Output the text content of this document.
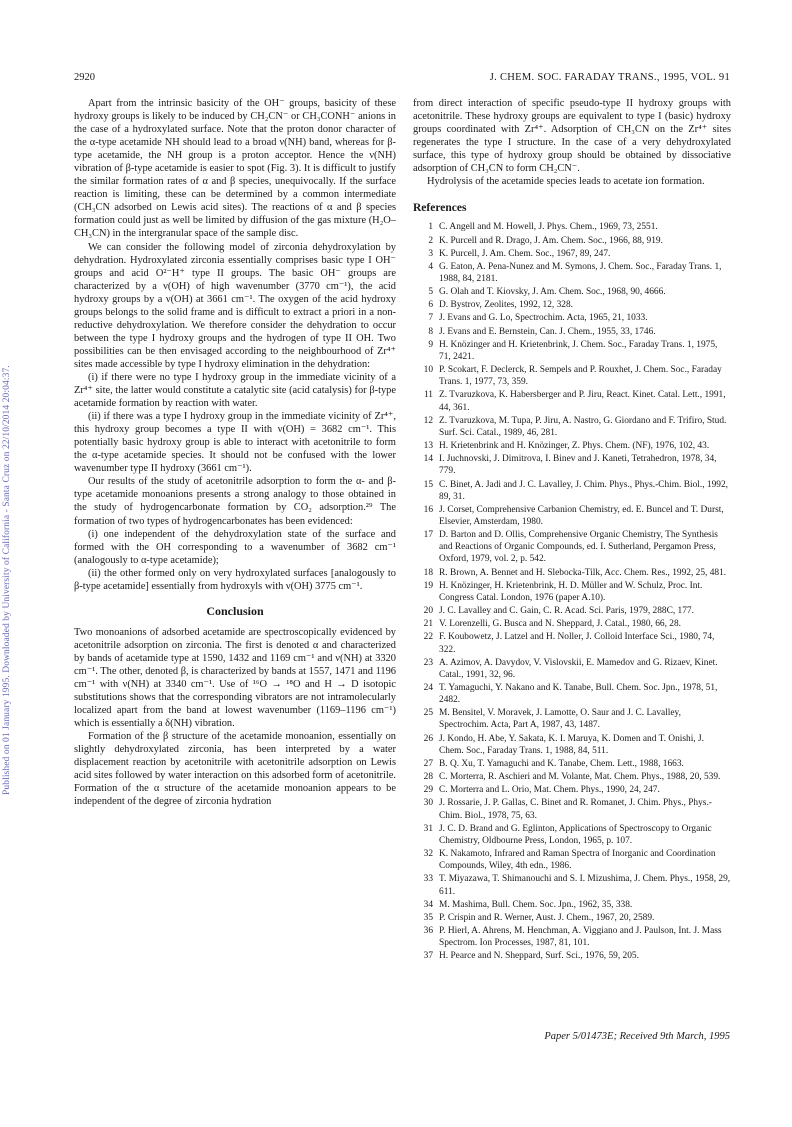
Published on 01 January 1995. Downloaded by University of California - Santa Cruz on 22/10/2014 20:04:37.
2920	J. CHEM. SOC. FARADAY TRANS., 1995, VOL. 91

Apart from the intrinsic basicity of the OH⁻ groups, basicity of these hydroxy groups is likely to be induced by CH₂CN⁻ or CH₃CONH⁻ anions in the case of a hydroxylated surface. Note that the proton donor character of the α-type acetamide NH should lead to a broad ν(NH) band, whereas for β-type acetamide, the NH group is a proton acceptor. Hence the ν(NH) vibration of β-type acetamide is easier to spot (Fig. 3). It is difficult to justify the similar formation rates of α and β species, unequivocally. If the surface reaction is limiting, these can be determined by a common intermediate (CH₃CN adsorbed on Lewis acid sites). The reactions of α and β species formation could just as well be limited by diffusion of the gas mixture (H₂O–CH₃CN) in the intergranular space of the sample disc.

We can consider the following model of zirconia dehydroxylation by dehydration. Hydroxylated zirconia essentially comprises basic type I OH⁻ groups and acid O²⁻H⁺ type II groups. The basic OH⁻ groups are characterized by a ν(OH) of high wavenumber (3770 cm⁻¹), the acid hydroxy groups by a ν(OH) at 3661 cm⁻¹. The oxygen of the acid hydroxy groups belongs to the solid frame and is difficult to extract a priori in a non-reductive dehydroxylation. We therefore consider the dehydration to occur between the type I hydroxy groups and the hydrogen of type II OH. Two possibilities can be then envisaged according to the neighbourhood of Zr⁴⁺ sites made accessible by type I hydroxy elimination in the dehydration:

(i) if there were no type I hydroxy group in the immediate vicinity of a Zr⁴⁺ site, the latter would constitute a catalytic site (acid catalysis) for β-type acetamide formation by reaction with water.

(ii) if there was a type I hydroxy group in the immediate vicinity of Zr⁴⁺, this hydroxy group becomes a type II with ν(OH) = 3682 cm⁻¹. This potentially basic hydroxy group is able to interact with acetonitrile to form the α-type acetamide species. It should not be confused with the lower wavenumber type II hydroxy (3661 cm⁻¹).

Our results of the study of acetonitrile adsorption to form the α- and β-type acetamide monoanions presents a strong analogy to those obtained in the study of hydrogencarbonate formation by CO₂ adsorption.²⁹ The formation of two types of hydrogencarbonates has been evidenced:

(i) one independent of the dehydroxylation state of the surface and formed with the OH corresponding to a wavenumber of 3682 cm⁻¹ (analogously to α-type acetamide);

(ii) the other formed only on very hydroxylated surfaces [analogously to β-type acetamide] essentially from hydroxyls with ν(OH) 3775 cm⁻¹.

Conclusion

Two monoanions of adsorbed acetamide are spectroscopically evidenced by acetonitrile adsorption on zirconia. The first is denoted α and characterized by bands of acetamide type at 1590, 1432 and 1169 cm⁻¹ and ν(NH) at 3320 cm⁻¹. The other, denoted β, is characterized by bands at 1557, 1471 and 1196 cm⁻¹ with ν(NH) at 3340 cm⁻¹. Use of ¹⁶O → ¹⁸O and H → D isotopic substitutions shows that the corresponding vibrators are not intramolecularly localized apart from the band at lowest wavenumber (1169–1196 cm⁻¹) which is essentially a δ(NH) vibration.

Formation of the β structure of the acetamide monoanion, essentially on slightly dehydroxylated zirconia, has been interpreted by a water displacement reaction by acetonitrile with acetonitrile adsorption on Lewis acid sites followed by water interaction on this adsorbed form of acetonitrile. Formation of the α structure of the acetamide monoanion appears to be independent of the degree of zirconia hydration

from direct interaction of specific pseudo-type II hydroxy groups with acetonitrile. These hydroxy groups are equivalent to type I (basic) hydroxy groups coordinated with Zr⁴⁺. Adsorption of CH₃CN on the Zr⁴⁺ sites regenerates the type I structure. In the case of a very dehydroxylated surface, this type of hydroxy group should be obtained by dissociative adsorption of CH₃CN to form CH₂CN⁻.

Hydrolysis of the acetamide species leads to acetate ion formation.

References
1 C. Angell and M. Howell, J. Phys. Chem., 1969, 73, 2551.
2 K. Purcell and R. Drago, J. Am. Chem. Soc., 1966, 88, 919.
3 K. Purcell, J. Am. Chem. Soc., 1967, 89, 247.
4 G. Eaton, A. Pena-Nunez and M. Symons, J. Chem. Soc., Faraday Trans. 1, 1988, 84, 2181.
5 G. Olah and T. Kiovsky, J. Am. Chem. Soc., 1968, 90, 4666.
6 D. Bystrov, Zeolites, 1992, 12, 328.
7 J. Evans and G. Lo, Spectrochim. Acta, 1965, 21, 1033.
8 J. Evans and E. Bernstein, Can. J. Chem., 1955, 33, 1746.
9 H. Knözinger and H. Krietenbrink, J. Chem. Soc., Faraday Trans. 1, 1975, 71, 2421.
10 P. Scokart, F. Declerck, R. Sempels and P. Rouxhet, J. Chem. Soc., Faraday Trans. 1, 1977, 73, 359.
11 Z. Tvaruzkova, K. Habersberger and P. Jiru, React. Kinet. Catal. Lett., 1991, 44, 361.
12 Z. Tvaruzkova, M. Tupa, P. Jiru, A. Nastro, G. Giordano and F. Trifiro, Stud. Surf. Sci. Catal., 1989, 46, 281.
13 H. Krietenbrink and H. Knözinger, Z. Phys. Chem. (NF), 1976, 102, 43.
14 I. Juchnovski, J. Dimitrova, I. Binev and J. Kaneti, Tetrahedron, 1978, 34, 779.
15 C. Binet, A. Jadi and J. C. Lavalley, J. Chim. Phys., Phys.-Chim. Biol., 1992, 89, 31.
16 J. Corset, Comprehensive Carbanion Chemistry, ed. E. Buncel and T. Durst, Elsevier, Amsterdam, 1980.
17 D. Barton and D. Ollis, Comprehensive Organic Chemistry, The Synthesis and Reactions of Organic Compounds, ed. I. Sutherland, Pergamon Press, Oxford, 1979, vol. 2, p. 542.
18 R. Brown, A. Bennet and H. Slebocka-Tilk, Acc. Chem. Res., 1992, 25, 481.
19 H. Knözinger, H. Krietenbrink, H. D. Müller and W. Schulz, Proc. Int. Congress Catal. London, 1976 (paper A.10).
20 J. C. Lavalley and C. Gain, C. R. Acad. Sci. Paris, 1979, 288C, 177.
21 V. Lorenzelli, G. Busca and N. Sheppard, J. Catal., 1980, 66, 28.
22 F. Koubowetz, J. Latzel and H. Noller, J. Colloid Interface Sci., 1980, 74, 322.
23 A. Azimov, A. Davydov, V. Vislovskii, E. Mamedov and G. Rizaev, Kinet. Catal., 1991, 32, 96.
24 T. Yamaguchi, Y. Nakano and K. Tanabe, Bull. Chem. Soc. Jpn., 1978, 51, 2482.
25 M. Bensitel, V. Moravek, J. Lamotte, O. Saur and J. C. Lavalley, Spectrochim. Acta, Part A, 1987, 43, 1487.
26 J. Kondo, H. Abe, Y. Sakata, K. I. Maruya, K. Domen and T. Onishi, J. Chem. Soc., Faraday Trans. 1, 1988, 84, 511.
27 B. Q. Xu, T. Yamaguchi and K. Tanabe, Chem. Lett., 1988, 1663.
28 C. Morterra, R. Aschieri and M. Volante, Mat. Chem. Phys., 1988, 20, 539.
29 C. Morterra and L. Orio, Mat. Chem. Phys., 1990, 24, 247.
30 J. Rossarie, J. P. Gallas, C. Binet and R. Romanet, J. Chim. Phys., Phys.-Chim. Biol., 1978, 75, 63.
31 J. C. D. Brand and G. Eglinton, Applications of Spectroscopy to Organic Chemistry, Oldbourne Press, London, 1965, p. 107.
32 K. Nakamoto, Infrared and Raman Spectra of Inorganic and Coordination Compounds, Wiley, 4th edn., 1986.
33 T. Miyazawa, T. Shimanouchi and S. I. Mizushima, J. Chem. Phys., 1958, 29, 611.
34 M. Mashima, Bull. Chem. Soc. Jpn., 1962, 35, 338.
35 P. Crispin and R. Werner, Aust. J. Chem., 1967, 20, 2589.
36 P. Hierl, A. Ahrens, M. Henchman, A. Viggiano and J. Paulson, Int. J. Mass Spectrom. Ion Processes, 1987, 81, 101.
37 H. Pearce and N. Sheppard, Surf. Sci., 1976, 59, 205.
Paper 5/01473E; Received 9th March, 1995
